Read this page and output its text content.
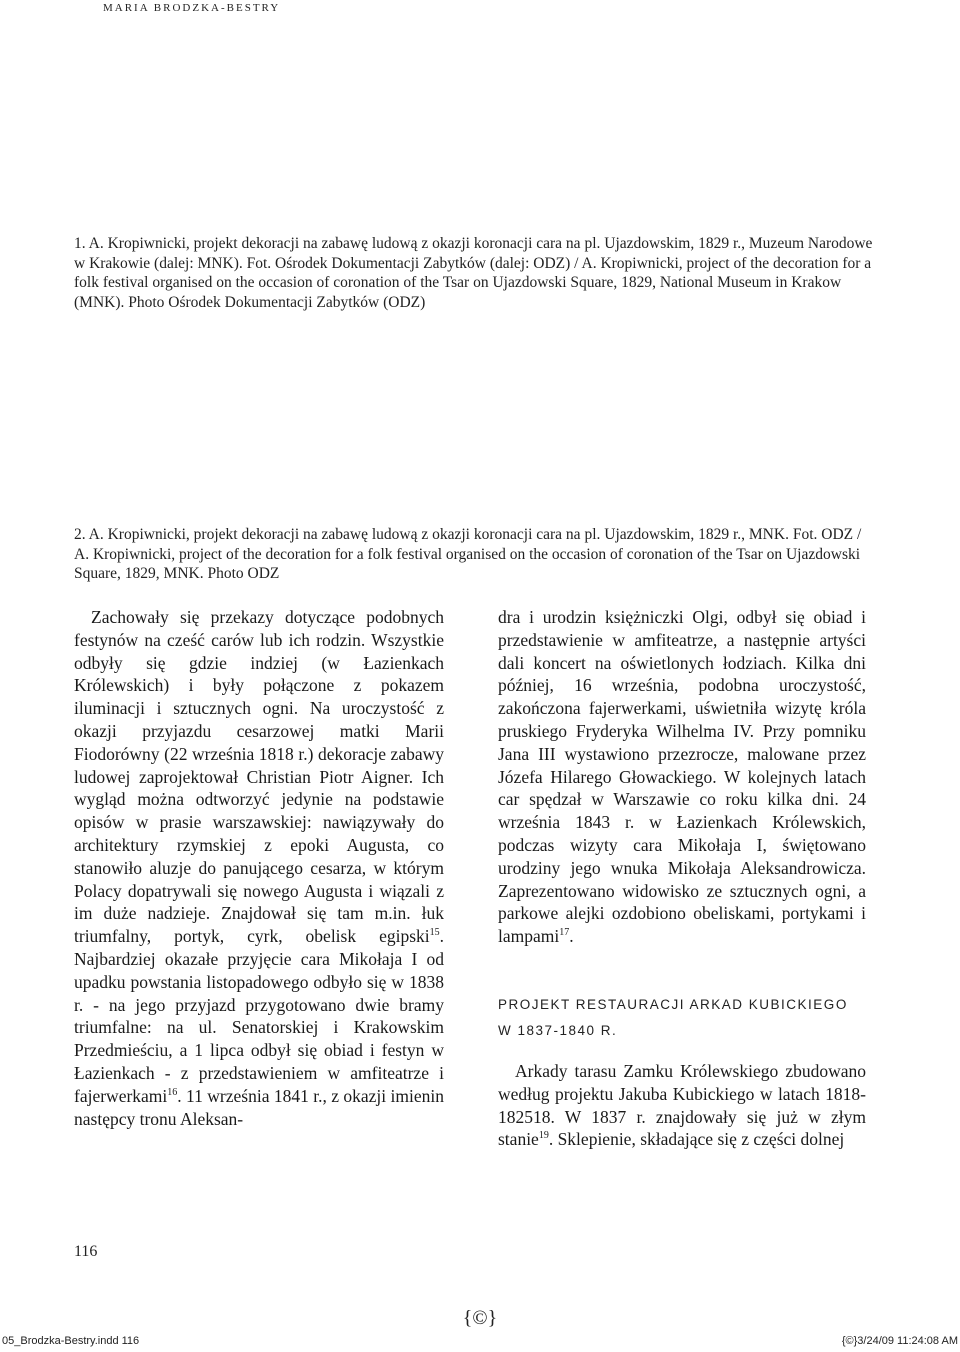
MARIA BRODZKA-BESTRY
1. A. Kropiwnicki, projekt dekoracji na zabawę ludową z okazji koronacji cara na pl. Ujazdowskim, 1829 r., Muzeum Narodowe w Krakowie (dalej: MNK). Fot. Ośrodek Dokumentacji Zabytków (dalej: ODZ) / A. Kropiwnicki, project of the decoration for a folk festival organised on the occasion of coronation of the Tsar on Ujazdowski Square, 1829, National Museum in Krakow (MNK). Photo Ośrodek Dokumentacji Zabytków (ODZ)
2. A. Kropiwnicki, projekt dekoracji na zabawę ludową z okazji koronacji cara na pl. Ujazdowskim, 1829 r., MNK. Fot. ODZ / A. Kropiwnicki, project of the decoration for a folk festival organised on the occasion of coronation of the Tsar on Ujazdowski Square, 1829, MNK. Photo ODZ

Zachowały się przekazy dotyczące podobnych festynów na cześć carów lub ich rodzin. Wszystkie odbyły się gdzie indziej (w Łazienkach Królewskich) i były połączone z pokazem iluminacji i sztucznych ogni. Na uroczystość z okazji przyjazdu cesarzowej matki Marii Fiodorówny (22 września 1818 r.) dekoracje zabawy ludowej zaprojektował Christian Piotr Aigner. Ich wygląd można odtworzyć jedynie na podstawie opisów w prasie warszawskiej: nawiązywały do architektury rzymskiej z epoki Augusta, co stanowiło aluzje do panującego cesarza, w którym Polacy dopatrywali się nowego Augusta i wiązali z im duże nadzieje. Znajdował się tam m.in. łuk triumfalny, portyk, cyrk, obelisk egipski$^{15}$. Najbardziej okazałe przyjęcie cara Mikołaja I od upadku powstania listopadowego odbyło się w 1838 r. - na jego przyjazd przygotowano dwie bramy triumfalne: na ul. Senatorskiej i Krakowskim Przedmieściu, a 1 lipca odbył się obiad i festyn w Łazienkach - z przedstawieniem w amfiteatrze i fajerwerkami$^{16}$. 11 września 1841 r., z okazji imienin następcy tronu Aleksan-

dra i urodzin księżniczki Olgi, odbył się obiad i przedstawienie w amfiteatrze, a następnie artyści dali koncert na oświetlonych łodziach. Kilka dni później, 16 września, podobna uroczystość, zakończona fajerwerkami, uświetniła wizytę króla pruskiego Fryderyka Wilhelma IV. Przy pomniku Jana III wystawiono przezrocze, malowane przez Józefa Hilarego Głowackiego. W kolejnych latach car spędzał w Warszawie co roku kilka dni. 24 września 1843 r. w Łazienkach Królewskich, podczas wizyty cara Mikołaja I, świętowano urodziny jego wnuka Mikołaja Aleksandrowicza. Zaprezentowano widowisko ze sztucznych ogni, a parkowe alejki ozdobiono obeliskami, portykami i lampami$^{17}$.

PROJEKT RESTAURACJI ARKAD KUBICKIEGO W 1837-1840 R.

Arkady tarasu Zamku Królewskiego zbudowano według projektu Jakuba Kubickiego w latach 1818-182518. W 1837 r. znajdowały się już w złym stanie$^{19}$. Sklepienie, składające się z części dolnej

116
{©}
05_Brodzka-Bestry.indd 116	{©}3/24/09 11:24:08 AM
